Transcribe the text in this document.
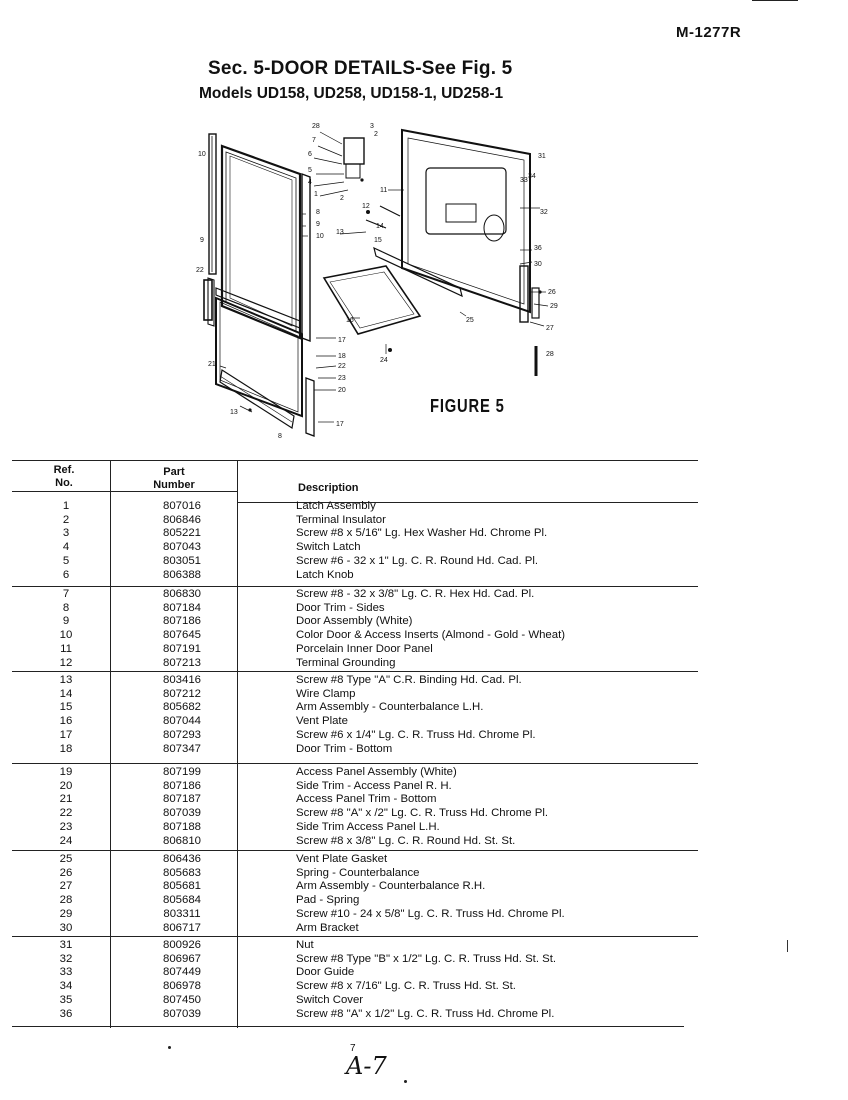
M-1277R
Sec. 5-DOOR DETAILS-See Fig. 5
Models UD158, UD258, UD158-1, UD258-1
28
7
6
5
4
1
8
9
10
3
2
11
2
12
14
13
15
31
33
34
32
36
30
26
29
27
28
10
9
22
21
17
18
22
23
20
17
13
8
16
24
25
FIGURE 5
Ref.
No.
Part
Number	Description
1	807016	Latch Assembly
2	806846	Terminal Insulator
3	805221	Screw #8 x 5/16" Lg. Hex Washer Hd. Chrome Pl.
4	807043	Switch Latch
5	803051	Screw #6 - 32 x 1" Lg. C. R. Round Hd. Cad. Pl.
6	806388	Latch Knob
7	806830	Screw #8 - 32 x 3/8" Lg. C. R. Hex Hd. Cad. Pl.
8	807184	Door Trim - Sides
9	807186	Door Assembly (White)
10	807645	Color Door & Access Inserts (Almond - Gold - Wheat)
11	807191	Porcelain Inner Door Panel
12	807213	Terminal Grounding
13	803416	Screw #8 Type "A" C.R. Binding Hd. Cad. Pl.
14	807212	Wire Clamp
15	805682	Arm Assembly - Counterbalance L.H.
16	807044	Vent Plate
17	807293	Screw #6 x 1/4" Lg. C. R. Truss Hd. Chrome Pl.
18	807347	Door Trim - Bottom
19	807199	Access Panel Assembly (White)
20	807186	Side Trim - Access Panel R. H.
21	807187	Access Panel Trim - Bottom
22	807039	Screw #8 "A" x /2" Lg. C. R. Truss Hd. Chrome Pl.
23	807188	Side Trim Access Panel L.H.
24	806810	Screw #8 x 3/8" Lg. C. R. Round Hd. St. St.
25	806436	Vent Plate Gasket
26	805683	Spring - Counterbalance
27	805681	Arm Assembly - Counterbalance R.H.
28	805684	Pad - Spring
29	803311	Screw #10 - 24 x 5/8" Lg. C. R. Truss Hd. Chrome Pl.
30	806717	Arm Bracket
31	800926	Nut
32	806967	Screw #8 Type "B" x 1/2" Lg. C. R. Truss Hd. St. St.
33	807449	Door Guide
34	806978	Screw #8 x 7/16" Lg. C. R. Truss Hd. St. St.
35	807450	Switch Cover
36	807039	Screw #8 "A" x 1/2" Lg. C. R. Truss Hd. Chrome Pl.
7
A-7
